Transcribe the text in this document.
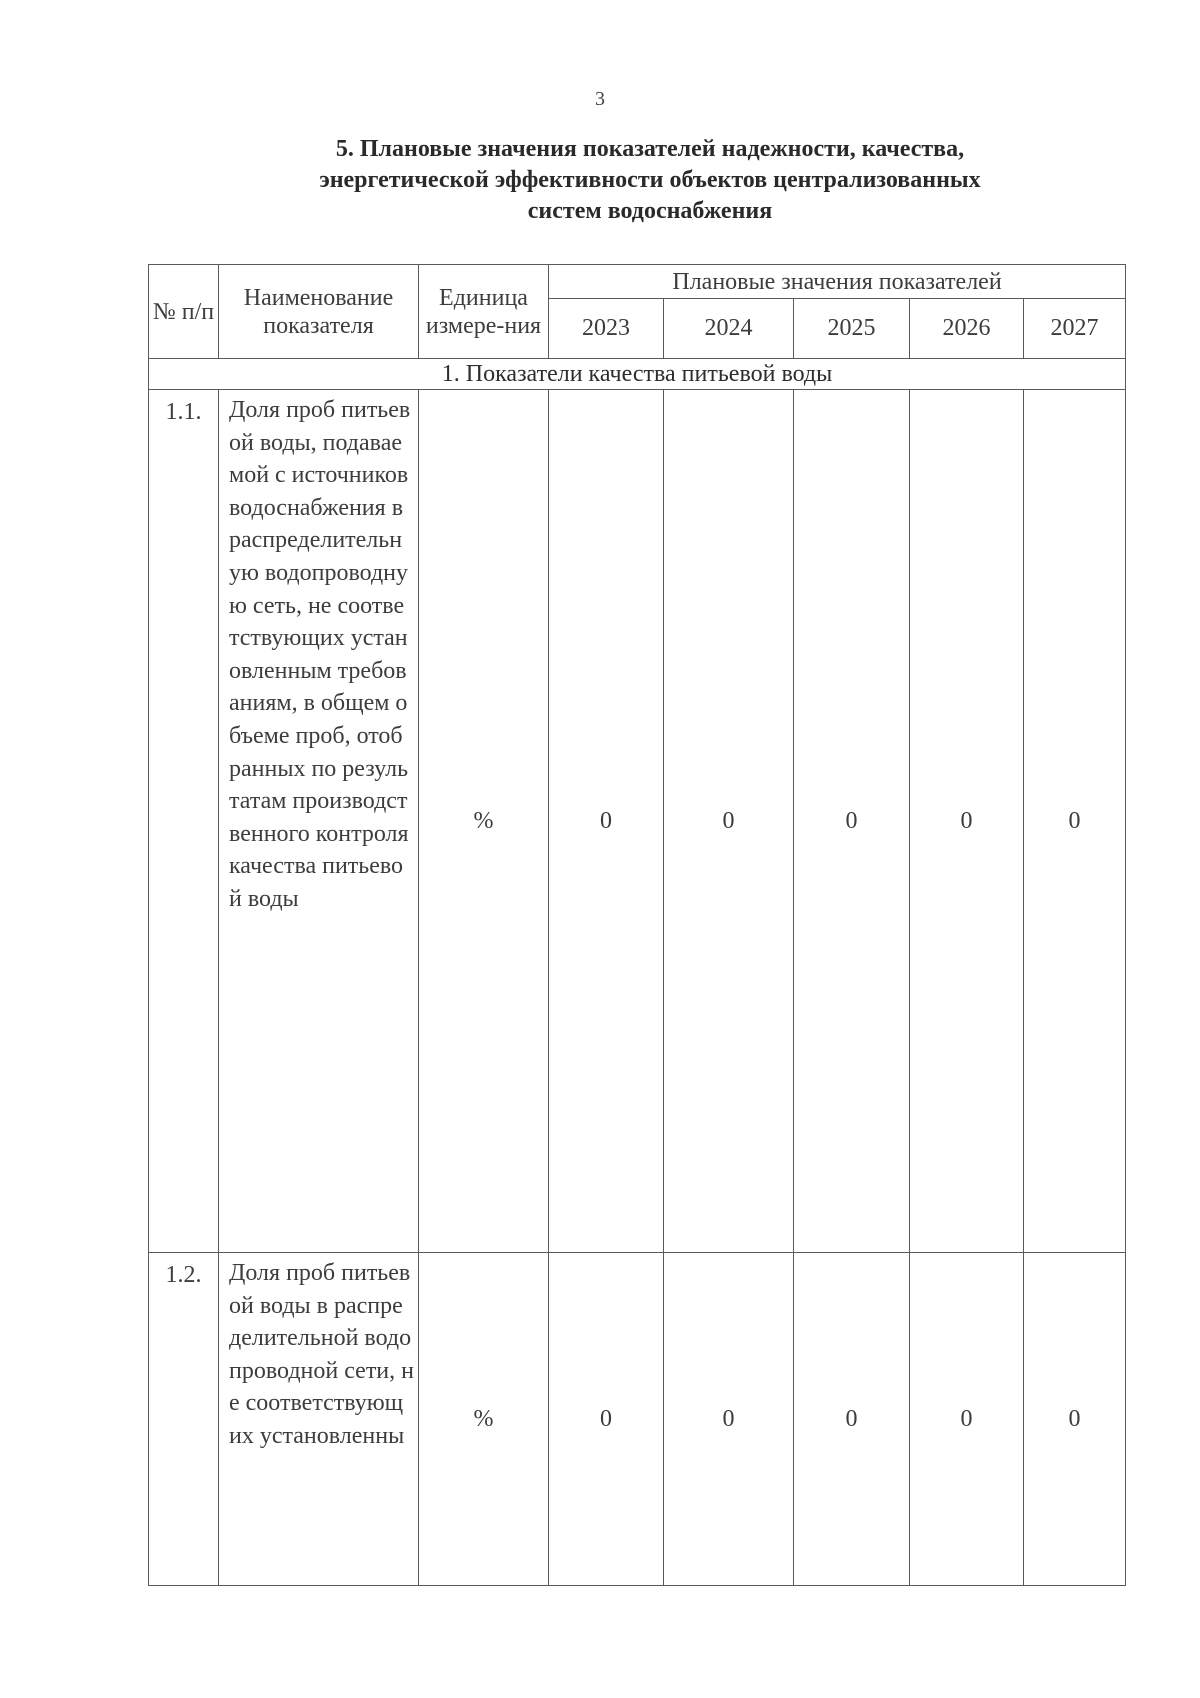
3
5. Плановые значения показателей надежности, качества,
энергетической эффективности объектов централизованных
систем водоснабжения
№ п/п	Наименование показателя	Единица измере-ния	Плановые значения показателей				
			2023	2024	2025	2026	2027
1. Показатели качества питьевой воды							
1.1.	Доля проб питьевой воды, подаваемой с источников водоснабжения в распределительную водопроводную сеть, не соответствующих установленным требованиям, в общем объеме проб, отобранных по результатам производственного контроля качества питьевой воды	%	0	0	0	0	0
1.2.	Доля проб питьевой воды в распределительной водопроводной сети, не соответствующих установленны	%	0	0	0	0	0
